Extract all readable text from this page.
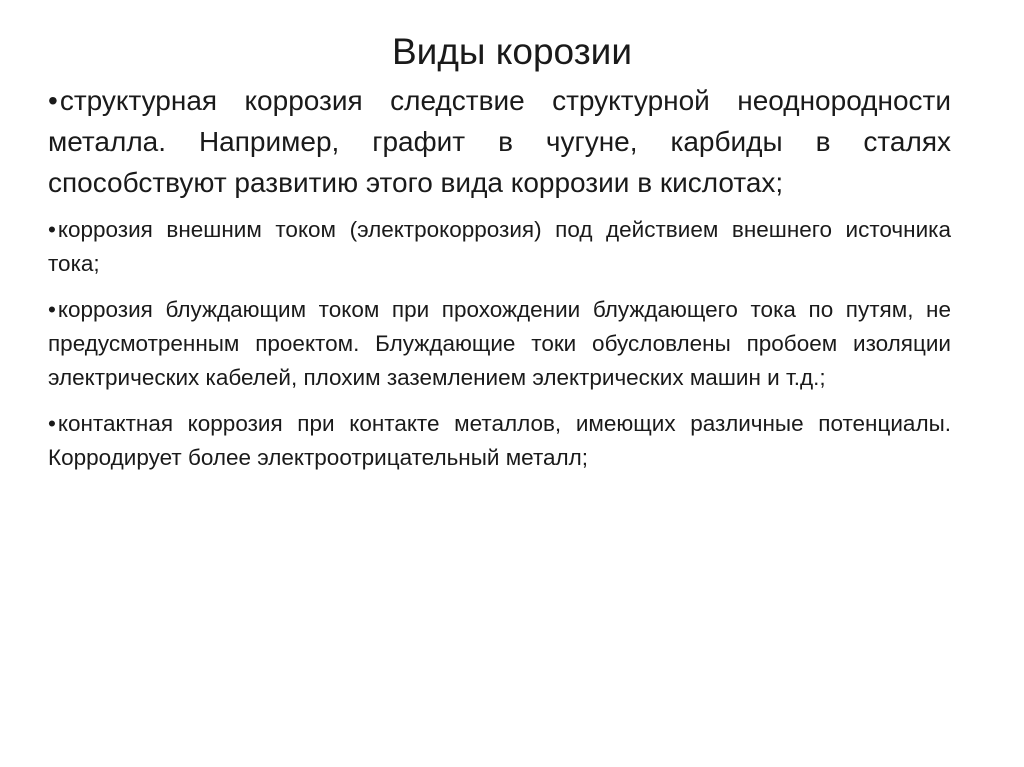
Виды корозии
•структурная коррозия следствие структурной неоднородности металла. Например, графит в чугуне, карбиды в сталях способствуют развитию этого вида коррозии в кислотах;
•коррозия внешним током (электрокоррозия) под действием внешнего источника тока;
•коррозия блуждающим током при прохождении блуждающего тока по путям, не предусмотренным проектом. Блуждающие токи обусловлены пробоем изоляции электрических кабелей, плохим заземлением электрических машин и т.д.;
•контактная коррозия при контакте металлов, имеющих различные потенциалы. Корродирует более электроотрицательный металл;
